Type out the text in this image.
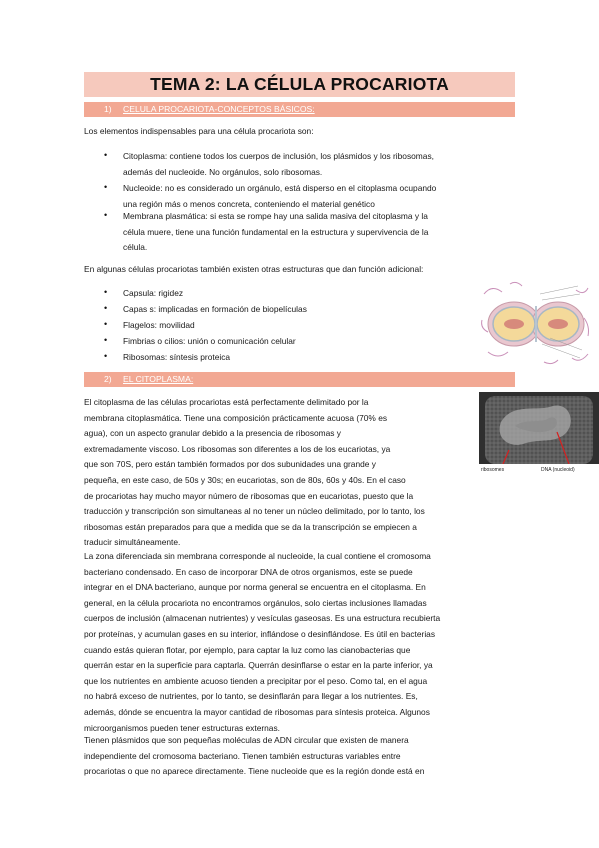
TEMA 2: LA CÉLULA PROCARIOTA
1) CELULA PROCARIOTA-CONCEPTOS BÁSICOS:

Los elementos indispensables para una célula procariota son:

• Citoplasma: contiene todos los cuerpos de inclusión, los plásmidos y los ribosomas,
además del nucleoide. No orgánulos, solo ribosomas.

• Nucleoide: no es considerado un orgánulo, está disperso en el citoplasma ocupando
una región más o menos concreta, conteniendo el material genético

• Membrana plasmática: si esta se rompe hay una salida masiva del citoplasma y la
célula muere, tiene una función fundamental en la estructura y supervivencia de la
célula.

En algunas células procariotas también existen otras estructuras que dan función adicional:

• Capsula: rigidez

• Capas s: implicadas en formación de biopelículas

• Flagelos: movilidad

• Fimbrias o cilios: unión o comunicación celular

• Ribosomas: síntesis proteica

2) EL CITOPLASMA:
ribosomes	DNA (nucleoid)

El citoplasma de las células procariotas está perfectamente delimitado por la
membrana citoplasmática. Tiene una composición prácticamente acuosa (70% es
agua), con un aspecto granular debido a la presencia de ribosomas y
extremadamente viscoso. Los ribosomas son diferentes a los de los eucariotas, ya
que son 70S, pero están también formados por dos subunidades una grande y
pequeña, en este caso, de 50s y 30s; en eucariotas, son de 80s, 60s y 40s. En el caso
de procariotas hay mucho mayor número de ribosomas que en eucariotas, puesto que la
traducción y transcripción son simultaneas al no tener un núcleo delimitado, por lo tanto, los
ribosomas están preparados para que a medida que se da la transcripción se empiecen a
traducir simultáneamente.

La zona diferenciada sin membrana corresponde al nucleoide, la cual contiene el cromosoma
bacteriano condensado. En caso de incorporar DNA de otros organismos, este se puede
integrar en el DNA bacteriano, aunque por norma general se encuentra en el citoplasma. En
general, en la célula procariota no encontramos orgánulos, solo ciertas inclusiones llamadas
cuerpos de inclusión (almacenan nutrientes) y vesículas gaseosas. Es una estructura recubierta
por proteínas, y acumulan gases en su interior, inflándose o desinflándose. Es útil en bacterias
cuando estás quieran flotar, por ejemplo, para captar la luz como las cianobacterias que
querrán estar en la superficie para captarla. Querrán desinflarse o estar en la parte inferior, ya
que los nutrientes en ambiente acuoso tienden a precipitar por el peso. Como tal, en el agua
no habrá exceso de nutrientes, por lo tanto, se desinflarán para llegar a los nutrientes. Es,
además, dónde se encuentra la mayor cantidad de ribosomas para síntesis proteica. Algunos
microorganismos pueden tener estructuras externas.

Tienen plásmidos que son pequeñas moléculas de ADN circular que existen de manera
independiente del cromosoma bacteriano. Tienen también estructuras variables entre
procariotas o que no aparece directamente. Tiene nucleoide que es la región donde está en
